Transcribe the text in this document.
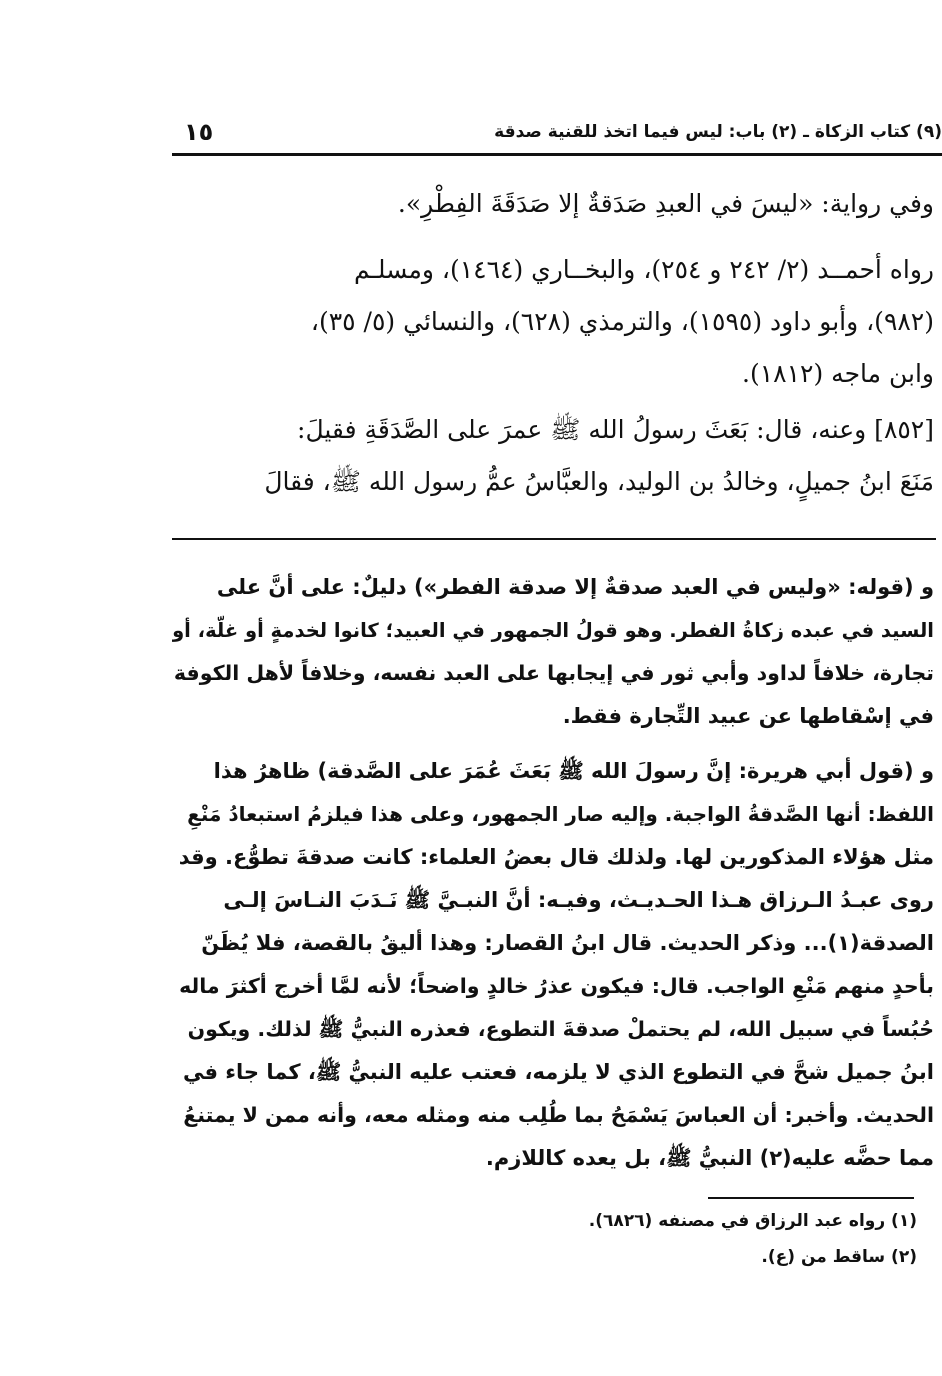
(٩) كتاب الزكاة ـ (٢) باب: ليس فيما اتخذ للقنية صدقة
١٥
وفي رواية: «ليسَ في العبدِ صَدَقةٌ إلا صَدَقَةَ الفِطْرِ».
رواه أحمــد (٢/ ٢٤٢ و ٢٥٤)، والبخــاري (١٤٦٤)، ومسلـم
(٩٨٢)، وأبو داود (١٥٩٥)، والترمذي (٦٢٨)، والنسائي (٥/ ٣٥)،
وابن ماجه (١٨١٢).
[٨٥٢] وعنه، قال: بَعَثَ رسولُ الله ﷺ عمرَ على الصَّدَقَةِ فقيلَ:
مَنَعَ ابنُ جميلٍ، وخالدُ بن الوليد، والعبَّاسُ عمُّ رسول الله ﷺ، فقالَ
و (قوله: «وليس في العبد صدقةٌ إلا صدقة الفطر») دليلٌ: على أنَّ على
السيد في عبده زكاةُ الفطر. وهو قولُ الجمهور في العبيد؛ كانوا لخدمةٍ أو غلّة، أو
تجارة، خلافاً لداود وأبي ثور في إيجابها على العبد نفسه، وخلافاً لأهل الكوفة
في إسْقاطها عن عبيد التِّجارة فقط.
و (قول أبي هريرة: إنَّ رسولَ الله ﷺ بَعَثَ عُمَرَ على الصَّدقة) ظاهرُ هذا
اللفظ: أنها الصَّدقةُ الواجبة. وإليه صار الجمهور، وعلى هذا فيلزمُ استبعادُ مَنْعِ
مثل هؤلاء المذكورين لها. ولذلك قال بعضُ العلماء: كانت صدقةَ تطوُّع. وقد
روى عبـدُ الـرزاق هـذا الحـديـث، وفيـه: أنَّ النبـيَّ ﷺ نَـدَبَ النـاسَ إلـى
الصدقة(١)... وذكر الحديث. قال ابنُ القصار: وهذا أليقُ بالقصة، فلا يُظَنّ
بأحدٍ منهم مَنْعِ الواجب. قال: فيكون عذرُ خالدٍ واضحاً؛ لأنه لمَّا أخرج أكثرَ ماله
حُبُساً في سبيل الله، لم يحتملْ صدقةَ التطوع، فعذره النبيُّ ﷺ لذلك. ويكون
ابنُ جميل شحَّ في التطوع الذي لا يلزمه، فعتب عليه النبيُّ ﷺ، كما جاء في
الحديث. وأخبر: أن العباسَ يَسْمَحُ بما طُلِب منه ومثله معه، وأنه ممن لا يمتنعُ
مما حضَّه عليه(٢) النبيُّ ﷺ، بل يعده كاللازم.
(١) رواه عبد الرزاق في مصنفه (٦٨٢٦).
(٢) ساقط من (ع).
